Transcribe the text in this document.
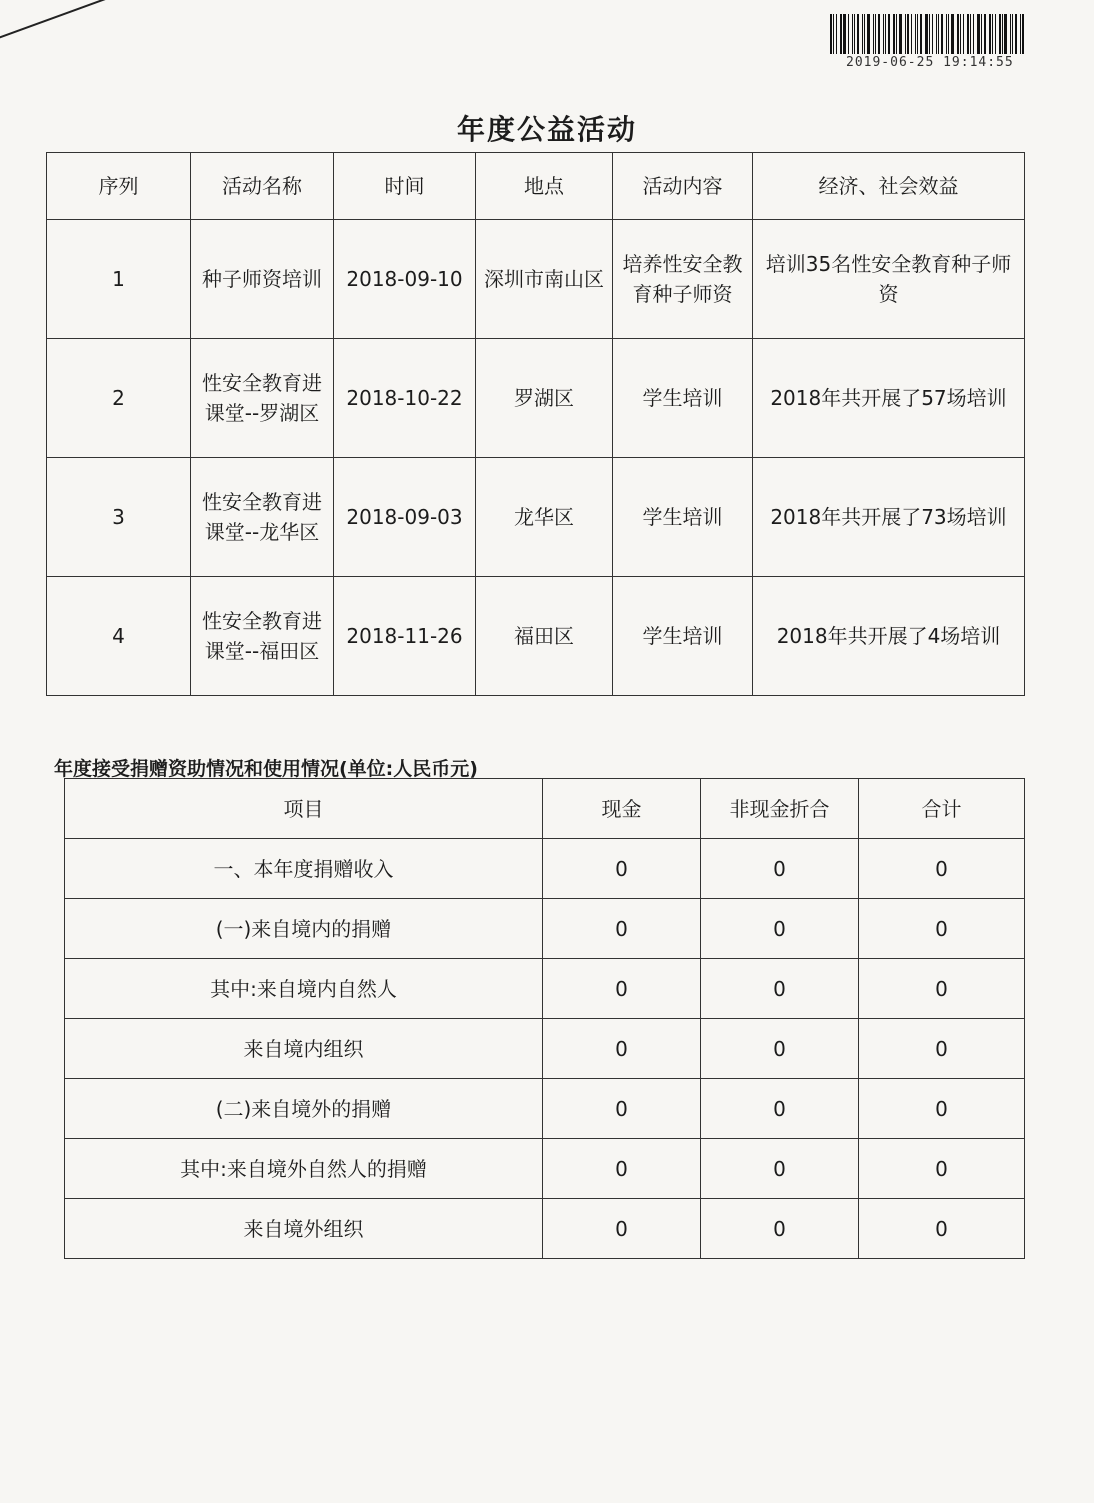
2019-06-25 19:14:55
年度公益活动
序列	活动名称	时间	地点	活动内容	经济、社会效益
1	种子师资培训	2018-09-10	深圳市南山区	培养性安全教育种子师资	培训35名性安全教育种子师资
2	性安全教育进课堂--罗湖区	2018-10-22	罗湖区	学生培训	2018年共开展了57场培训
3	性安全教育进课堂--龙华区	2018-09-03	龙华区	学生培训	2018年共开展了73场培训
4	性安全教育进课堂--福田区	2018-11-26	福田区	学生培训	2018年共开展了4场培训
年度接受捐赠资助情况和使用情况(单位:人民币元)
项目	现金	非现金折合	合计
一、本年度捐赠收入	0	0	0
(一)来自境内的捐赠	0	0	0
其中:来自境内自然人	0	0	0
来自境内组织	0	0	0
(二)来自境外的捐赠	0	0	0
其中:来自境外自然人的捐赠	0	0	0
来自境外组织	0	0	0
